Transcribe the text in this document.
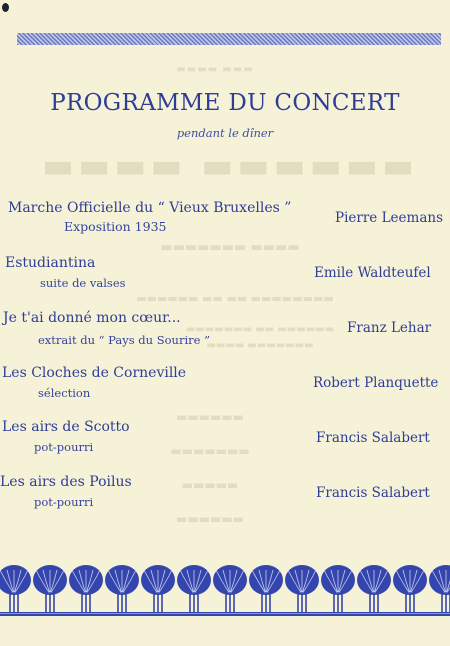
▬▬▬▬ ▬▬▬
▬▬▬▬ ▬▬▬▬▬▬
▬▬▬▬▬▬▬ ▬▬▬▬
▬▬▬▬▬▬ ▬▬ ▬▬ ▬▬▬▬▬▬▬▬
▬▬▬▬▬▬▬ ▬▬ ▬▬▬▬▬▬
▬▬▬▬ ▬▬▬▬▬▬▬
▬▬▬▬▬▬
▬▬▬▬▬▬▬
▬▬▬▬▬
▬▬▬▬▬▬
PROGRAMME DU CONCERT
pendant le dîner
Marche Officielle du “ Vieux Bruxelles ”
Exposition 1935
Pierre Leemans
Estudiantina
suite de valses
Emile Waldteufel
Je t'ai donné mon cœur...
extrait du “ Pays du Sourire ”
Franz Lehar
Les Cloches de Corneville
sélection
Robert Planquette
Les airs de Scotto
pot-pourri
Francis Salabert
Les airs des Poilus
pot-pourri
Francis Salabert
